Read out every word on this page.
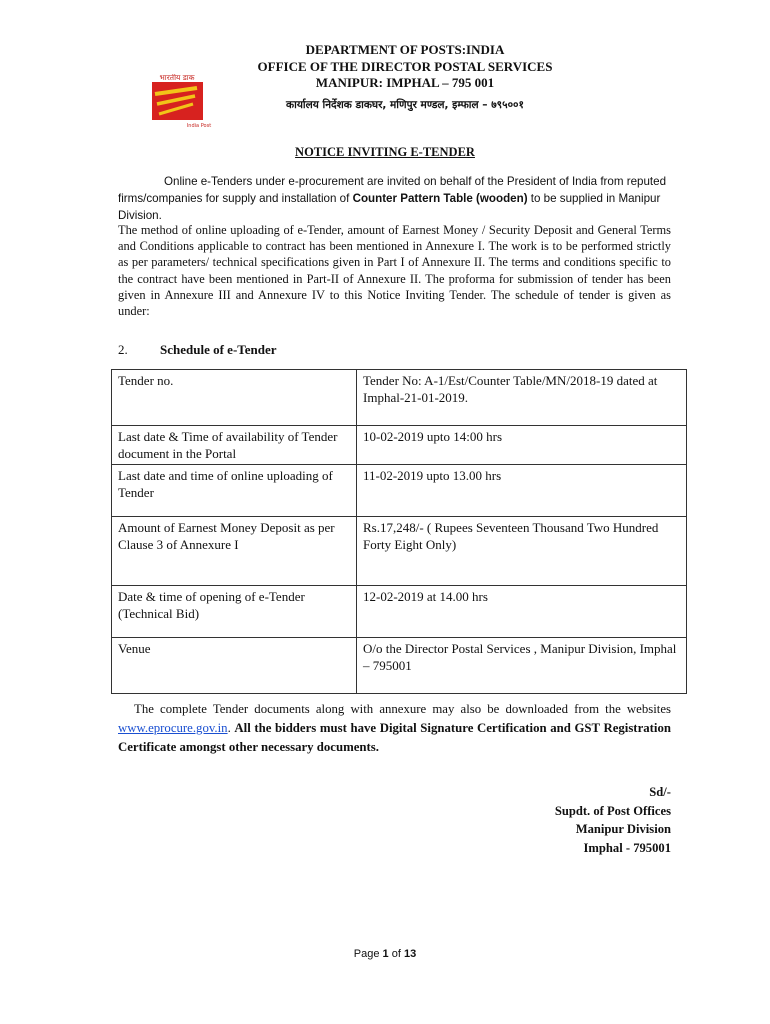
भारतीय डाक
India Post
DEPARTMENT OF POSTS:INDIA
OFFICE OF THE DIRECTOR POSTAL SERVICES
MANIPUR: IMPHAL – 795 001
कार्यालय निर्देशक डाकघर, मणिपुर मण्डल, इम्फाल – ७९५००१
NOTICE INVITING E-TENDER
Online e-Tenders under e-procurement are invited on behalf of the President of India from reputed firms/companies for supply and installation of Counter Pattern Table (wooden) to be supplied in Manipur Division.
The method of online uploading of e-Tender, amount of Earnest Money / Security Deposit and General Terms and Conditions applicable to contract has been mentioned in Annexure I. The work is to be performed strictly as per parameters/ technical specifications given in Part I of Annexure II. The terms and conditions specific to the contract have been mentioned in Part-II of Annexure II. The proforma for submission of tender has been given in Annexure III and Annexure IV to this Notice Inviting Tender. The schedule of tender is given as under:
2. Schedule of e-Tender
Tender no.	Tender No: A-1/Est/Counter Table/MN/2018-19 dated at Imphal-21-01-2019.
Last date & Time of availability of Tender document in the Portal	10-02-2019 upto 14:00 hrs
Last date and time of online uploading of Tender	11-02-2019 upto 13.00 hrs
Amount of Earnest Money Deposit as per Clause 3 of Annexure I	Rs.17,248/- ( Rupees Seventeen Thousand Two Hundred Forty Eight Only)
Date & time of opening of e-Tender (Technical Bid)	12-02-2019 at 14.00 hrs
Venue	O/o the Director Postal Services , Manipur Division, Imphal – 795001
The complete Tender documents along with annexure may also be downloaded from the websites www.eprocure.gov.in. All the bidders must have Digital Signature Certification and GST Registration Certificate amongst other necessary documents.
Sd/-
Supdt. of Post Offices
Manipur Division
Imphal - 795001
Page 1 of 13
